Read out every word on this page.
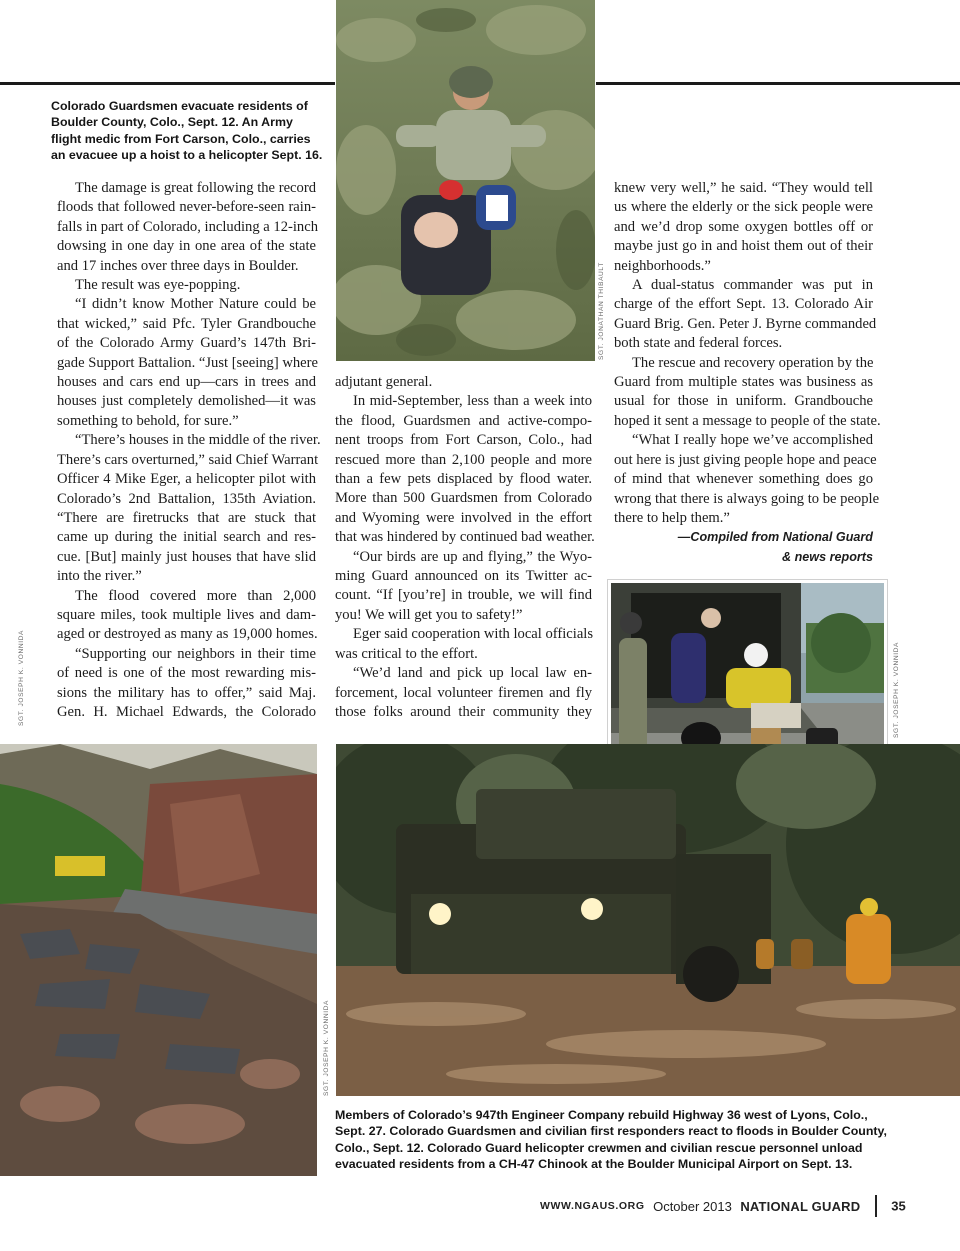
SGT. JONATHAN THIBAULT
Colorado Guardsmen evacuate residents of
Boulder County, Colo., Sept. 12. An Army
flight medic from Fort Carson, Colo., carries
an evacuee up a hoist to a helicopter Sept. 16.
The damage is great following the record
floods that followed never-before-seen rain-
falls in part of Colorado, including a 12-inch
dowsing in one day in one area of the state
and 17 inches over three days in Boulder.
The result was eye-popping.
“I didn’t know Mother Nature could be
that wicked,” said Pfc. Tyler Grandbouche
of the Colorado Army Guard’s 147th Bri-
gade Support Battalion. “Just [seeing] where
houses and cars end up—cars in trees and
houses just completely demolished—it was
something to behold, for sure.”
“There’s houses in the middle of the river.
There’s cars overturned,” said Chief Warrant
Officer 4 Mike Eger, a helicopter pilot with
Colorado’s 2nd Battalion, 135th Aviation.
“There are firetrucks that are stuck that
came up during the initial search and res-
cue. [But] mainly just houses that have slid
into the river.”
The flood covered more than 2,000
square miles, took multiple lives and dam-
aged or destroyed as many as 19,000 homes.
“Supporting our neighbors in their time
of need is one of the most rewarding mis-
sions the military has to offer,” said Maj.
Gen. H. Michael Edwards, the Colorado
SGT. JOSEPH K. VONNIDA
adjutant general.
In mid-September, less than a week into
the flood, Guardsmen and active-compo-
nent troops from Fort Carson, Colo., had
rescued more than 2,100 people and more
than a few pets displaced by flood water.
More than 500 Guardsmen from Colorado
and Wyoming were involved in the effort
that was hindered by continued bad weather.
“Our birds are up and flying,” the Wyo-
ming Guard announced on its Twitter ac-
count. “If [you’re] in trouble, we will find
you! We will get you to safety!”
Eger said cooperation with local officials
was critical to the effort.
“We’d land and pick up local law en-
forcement, local volunteer firemen and fly
those folks around their community they
knew very well,” he said. “They would tell
us where the elderly or the sick people were
and we’d drop some oxygen bottles off or
maybe just go in and hoist them out of their
neighborhoods.”
A dual-status commander was put in
charge of the effort Sept. 13. Colorado Air
Guard Brig. Gen. Peter J. Byrne commanded
both state and federal forces.
The rescue and recovery operation by the
Guard from multiple states was business as
usual for those in uniform. Grandbouche
hoped it sent a message to people of the state.
“What I really hope we’ve accomplished
out here is just giving people hope and peace
of mind that whenever something does go
wrong that there is always going to be people
there to help them.”
—Compiled from National Guard
& news reports
SGT. JOSEPH K. VONNIDA
SGT. JOSEPH K. VONNIDA
Members of Colorado’s 947th Engineer Company rebuild Highway 36 west of Lyons, Colo.,
Sept. 27. Colorado Guardsmen and civilian first responders react to floods in Boulder County,
Colo., Sept. 12. Colorado Guard helicopter crewmen and civilian rescue personnel unload
evacuated residents from a CH-47 Chinook at the Boulder Municipal Airport on Sept. 13.
WWW.NGAUS.ORG October 2013 NATIONAL GUARD 35
